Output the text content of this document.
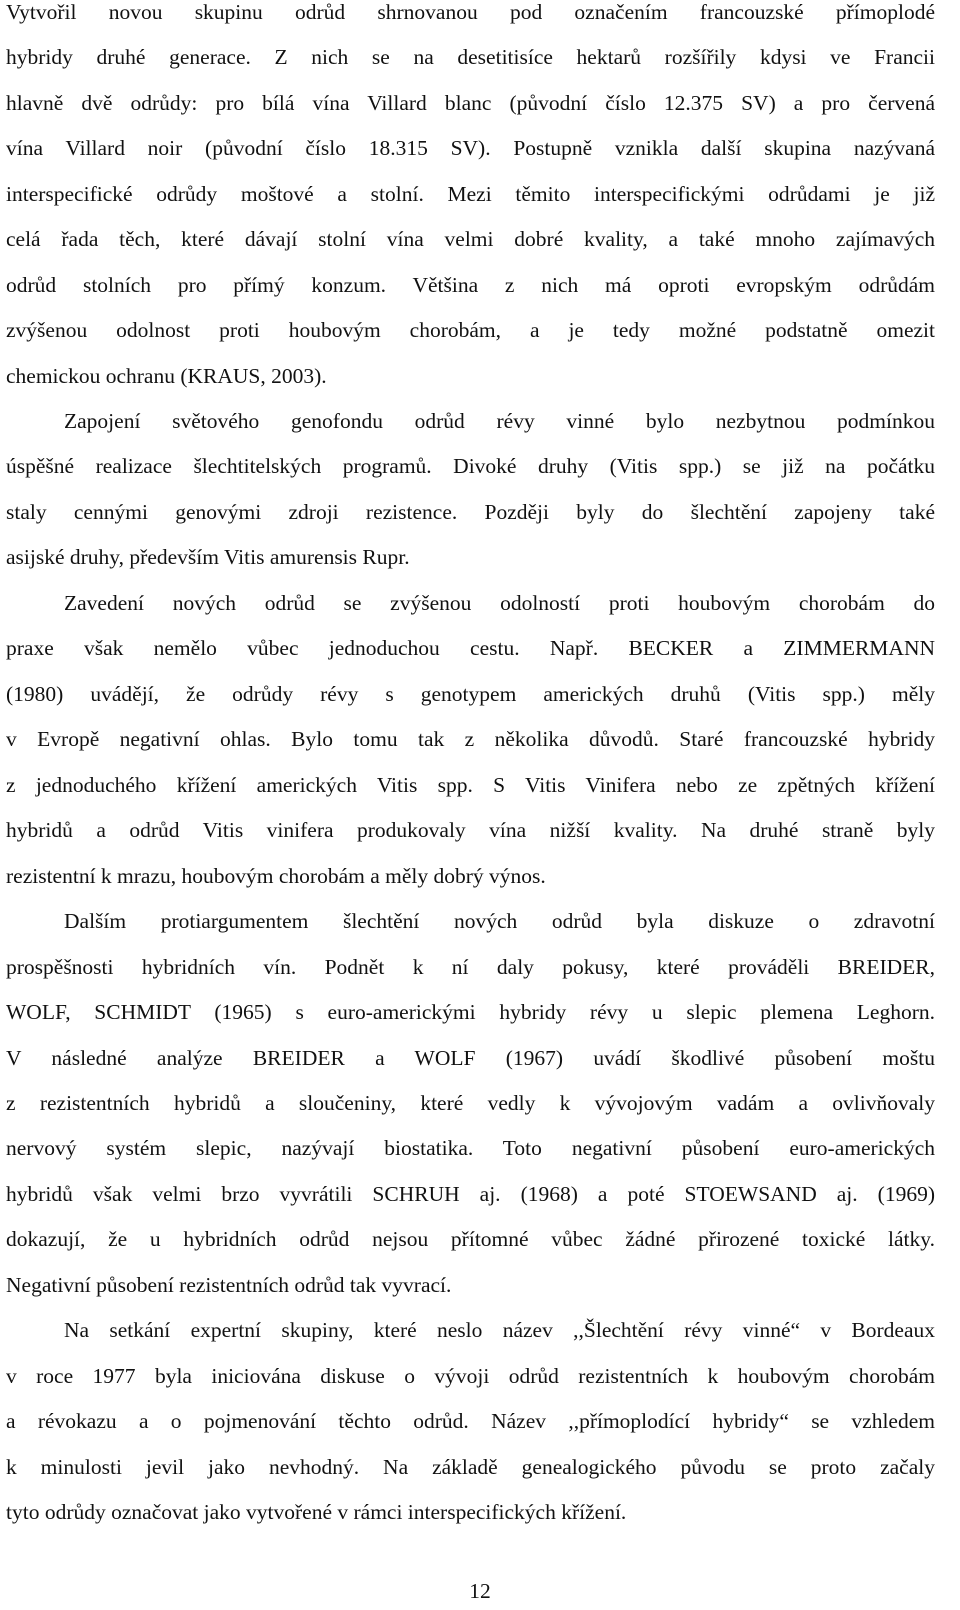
Vytvořil novou skupinu odrůd shrnovanou pod označením francouzské přímoplodé
hybridy druhé generace. Z nich se na desetitisíce hektarů rozšířily kdysi ve Francii
hlavně dvě odrůdy: pro bílá vína Villard blanc (původní číslo 12.375 SV) a pro červená
vína Villard noir (původní číslo 18.315 SV). Postupně vznikla další skupina nazývaná
interspecifické odrůdy moštové a stolní. Mezi těmito interspecifickými odrůdami je již
celá řada těch, které dávají stolní vína velmi dobré kvality, a také mnoho zajímavých
odrůd stolních pro přímý konzum. Většina z nich má oproti evropským odrůdám
zvýšenou odolnost proti houbovým chorobám, a je tedy možné podstatně omezit
chemickou ochranu (KRAUS, 2003).
Zapojení světového genofondu odrůd révy vinné bylo nezbytnou podmínkou
úspěšné realizace šlechtitelských programů. Divoké druhy (Vitis spp.) se již na počátku
staly cennými genovými zdroji rezistence. Později byly do šlechtění zapojeny také
asijské druhy, především Vitis amurensis Rupr.
Zavedení nových odrůd se zvýšenou odolností proti houbovým chorobám do
praxe však nemělo vůbec jednoduchou cestu. Např. BECKER a ZIMMERMANN
(1980) uvádějí, že odrůdy révy s genotypem amerických druhů (Vitis spp.) měly
v Evropě negativní ohlas. Bylo tomu tak z několika důvodů. Staré francouzské hybridy
z jednoduchého křížení amerických Vitis spp. S Vitis Vinifera nebo ze zpětných křížení
hybridů a odrůd Vitis vinifera produkovaly vína nižší kvality. Na druhé straně byly
rezistentní k mrazu, houbovým chorobám a měly dobrý výnos.
Dalším protiargumentem šlechtění nových odrůd byla diskuze o zdravotní
prospěšnosti hybridních vín. Podnět k ní daly pokusy, které prováděli BREIDER,
WOLF, SCHMIDT (1965) s euro-americkými hybridy révy u slepic plemena Leghorn.
V následné analýze BREIDER a WOLF (1967) uvádí škodlivé působení moštu
z rezistentních hybridů a sloučeniny, které vedly k vývojovým vadám a ovlivňovaly
nervový systém slepic, nazývají biostatika. Toto negativní působení euro-amerických
hybridů však velmi brzo vyvrátili SCHRUH aj. (1968) a poté STOEWSAND aj. (1969)
dokazují, že u hybridních odrůd nejsou přítomné vůbec žádné přirozené toxické látky.
Negativní působení rezistentních odrůd tak vyvrací.
Na setkání expertní skupiny, které neslo název ,,Šlechtění révy vinné“ v Bordeaux
v roce 1977 byla iniciována diskuse o vývoji odrůd rezistentních k houbovým chorobám
a révokazu a o pojmenování těchto odrůd. Název ,,přímoplodící hybridy“ se vzhledem
k minulosti jevil jako nevhodný. Na základě genealogického původu se proto začaly
tyto odrůdy označovat jako vytvořené v rámci interspecifických křížení.
12
